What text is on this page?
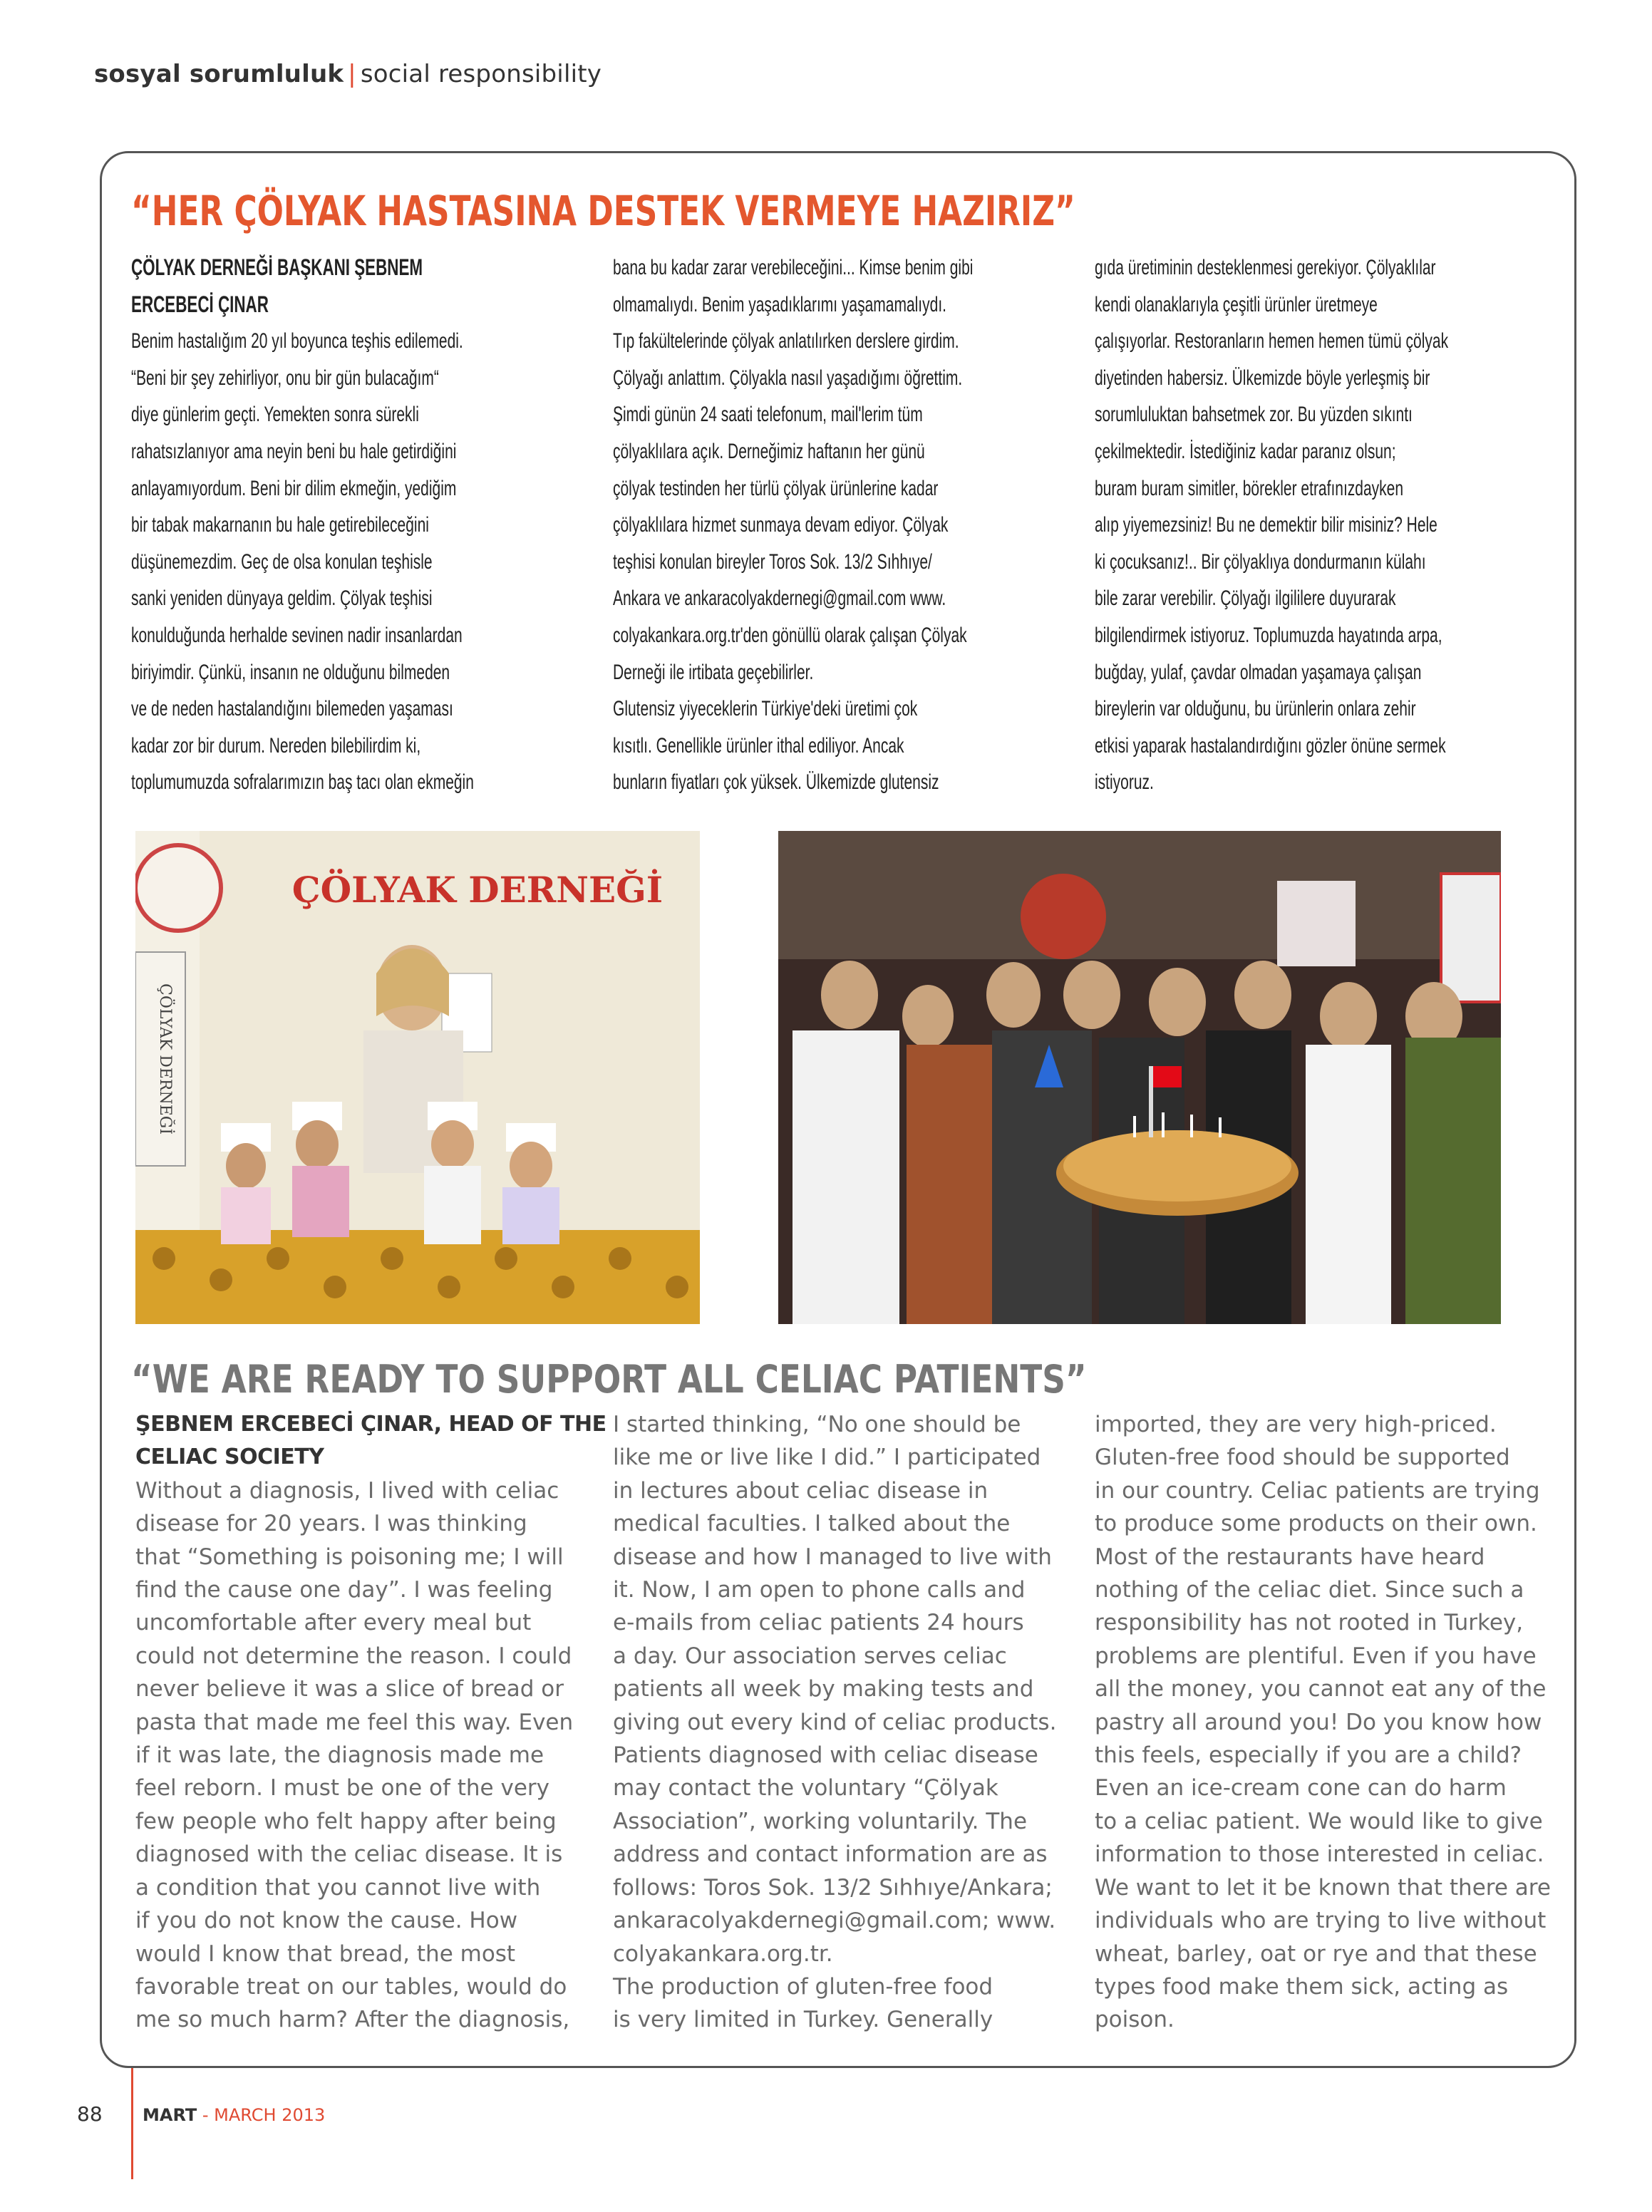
sosyal sorumluluk | social responsibility
“HER ÇÖLYAK HASTASINA DESTEK VERMEYE HAZIRIZ”
ÇÖLYAK DERNEĞİ BAŞKANI ŞEBNEM
ERCEBECİ ÇINAR
Benim hastalığım 20 yıl boyunca teşhis edilemedi.
“Beni bir şey zehirliyor, onu bir gün bulacağım“
diye günlerim geçti. Yemekten sonra sürekli
rahatsızlanıyor ama neyin beni bu hale getirdiğini
anlayamıyordum. Beni bir dilim ekmeğin, yediğim
bir tabak makarnanın bu hale getirebileceğini
düşünemezdim. Geç de olsa konulan teşhisle
sanki yeniden dünyaya geldim. Çölyak teşhisi
konulduğunda herhalde sevinen nadir insanlardan
biriyimdir. Çünkü, insanın ne olduğunu bilmeden
ve de neden hastalandığını bilemeden yaşaması
kadar zor bir durum. Nereden bilebilirdim ki,
toplumumuzda sofralarımızın baş tacı olan ekmeğin
bana bu kadar zarar verebileceğini... Kimse benim gibi
olmamalıydı. Benim yaşadıklarımı yaşamamalıydı.
Tıp fakültelerinde çölyak anlatılırken derslere girdim.
Çölyağı anlattım. Çölyakla nasıl yaşadığımı öğrettim.
Şimdi günün 24 saati telefonum, mail'lerim tüm
çölyaklılara açık. Derneğimiz haftanın her günü
çölyak testinden her türlü çölyak ürünlerine kadar
çölyaklılara hizmet sunmaya devam ediyor. Çölyak
teşhisi konulan bireyler Toros Sok. 13/2 Sıhhıye/
Ankara ve ankaracolyakdernegi@gmail.com www.
colyakankara.org.tr'den gönüllü olarak çalışan Çölyak
Derneği ile irtibata geçebilirler.
Glutensiz yiyeceklerin Türkiye'deki üretimi çok
kısıtlı. Genellikle ürünler ithal ediliyor. Ancak
bunların fiyatları çok yüksek. Ülkemizde glutensiz
gıda üretiminin desteklenmesi gerekiyor. Çölyaklılar
kendi olanaklarıyla çeşitli ürünler üretmeye
çalışıyorlar. Restoranların hemen hemen tümü çölyak
diyetinden habersiz. Ülkemizde böyle yerleşmiş bir
sorumluluktan bahsetmek zor. Bu yüzden sıkıntı
çekilmektedir. İstediğiniz kadar paranız olsun;
buram buram simitler, börekler etrafınızdayken
alıp yiyemezsiniz! Bu ne demektir bilir misiniz? Hele
ki çocuksanız!.. Bir çölyaklıya dondurmanın külahı
bile zarar verebilir. Çölyağı ilgililere duyurarak
bilgilendirmek istiyoruz. Toplumuzda hayatında arpa,
buğday, yulaf, çavdar olmadan yaşamaya çalışan
bireylerin var olduğunu, bu ürünlerin onlara zehir
etkisi yaparak hastalandırdığını gözler önüne sermek
istiyoruz.
ÇÖLYAK DERNEĞİ
ÇÖLYAK DERNEĞİ
“WE ARE READY TO SUPPORT ALL CELIAC PATIENTS”
ŞEBNEM ERCEBECİ ÇINAR, HEAD OF THE
CELIAC SOCIETY
Without a diagnosis, I lived with celiac
disease for 20 years. I was thinking
that “Something is poisoning me; I will
find the cause one day”. I was feeling
uncomfortable after every meal but
could not determine the reason. I could
never believe it was a slice of bread or
pasta that made me feel this way. Even
if it was late, the diagnosis made me
feel reborn. I must be one of the very
few people who felt happy after being
diagnosed with the celiac disease. It is
a condition that you cannot live with
if you do not know the cause. How
would I know that bread, the most
favorable treat on our tables, would do
me so much harm? After the diagnosis,
I started thinking, “No one should be
like me or live like I did.” I participated
in lectures about celiac disease in
medical faculties. I talked about the
disease and how I managed to live with
it. Now, I am open to phone calls and
e-mails from celiac patients 24 hours
a day. Our association serves celiac
patients all week by making tests and
giving out every kind of celiac products.
Patients diagnosed with celiac disease
may contact the voluntary “Çölyak
Association”, working voluntarily. The
address and contact information are as
follows: Toros Sok. 13/2 Sıhhıye/Ankara;
ankaracolyakdernegi@gmail.com; www.
colyakankara.org.tr.
The production of gluten-free food
is very limited in Turkey. Generally
imported, they are very high-priced.
Gluten-free food should be supported
in our country. Celiac patients are trying
to produce some products on their own.
Most of the restaurants have heard
nothing of the celiac diet. Since such a
responsibility has not rooted in Turkey,
problems are plentiful. Even if you have
all the money, you cannot eat any of the
pastry all around you! Do you know how
this feels, especially if you are a child?
Even an ice-cream cone can do harm
to a celiac patient. We would like to give
information to those interested in celiac.
We want to let it be known that there are
individuals who are trying to live without
wheat, barley, oat or rye and that these
types food make them sick, acting as
poison.
88 MART - MARCH 2013
